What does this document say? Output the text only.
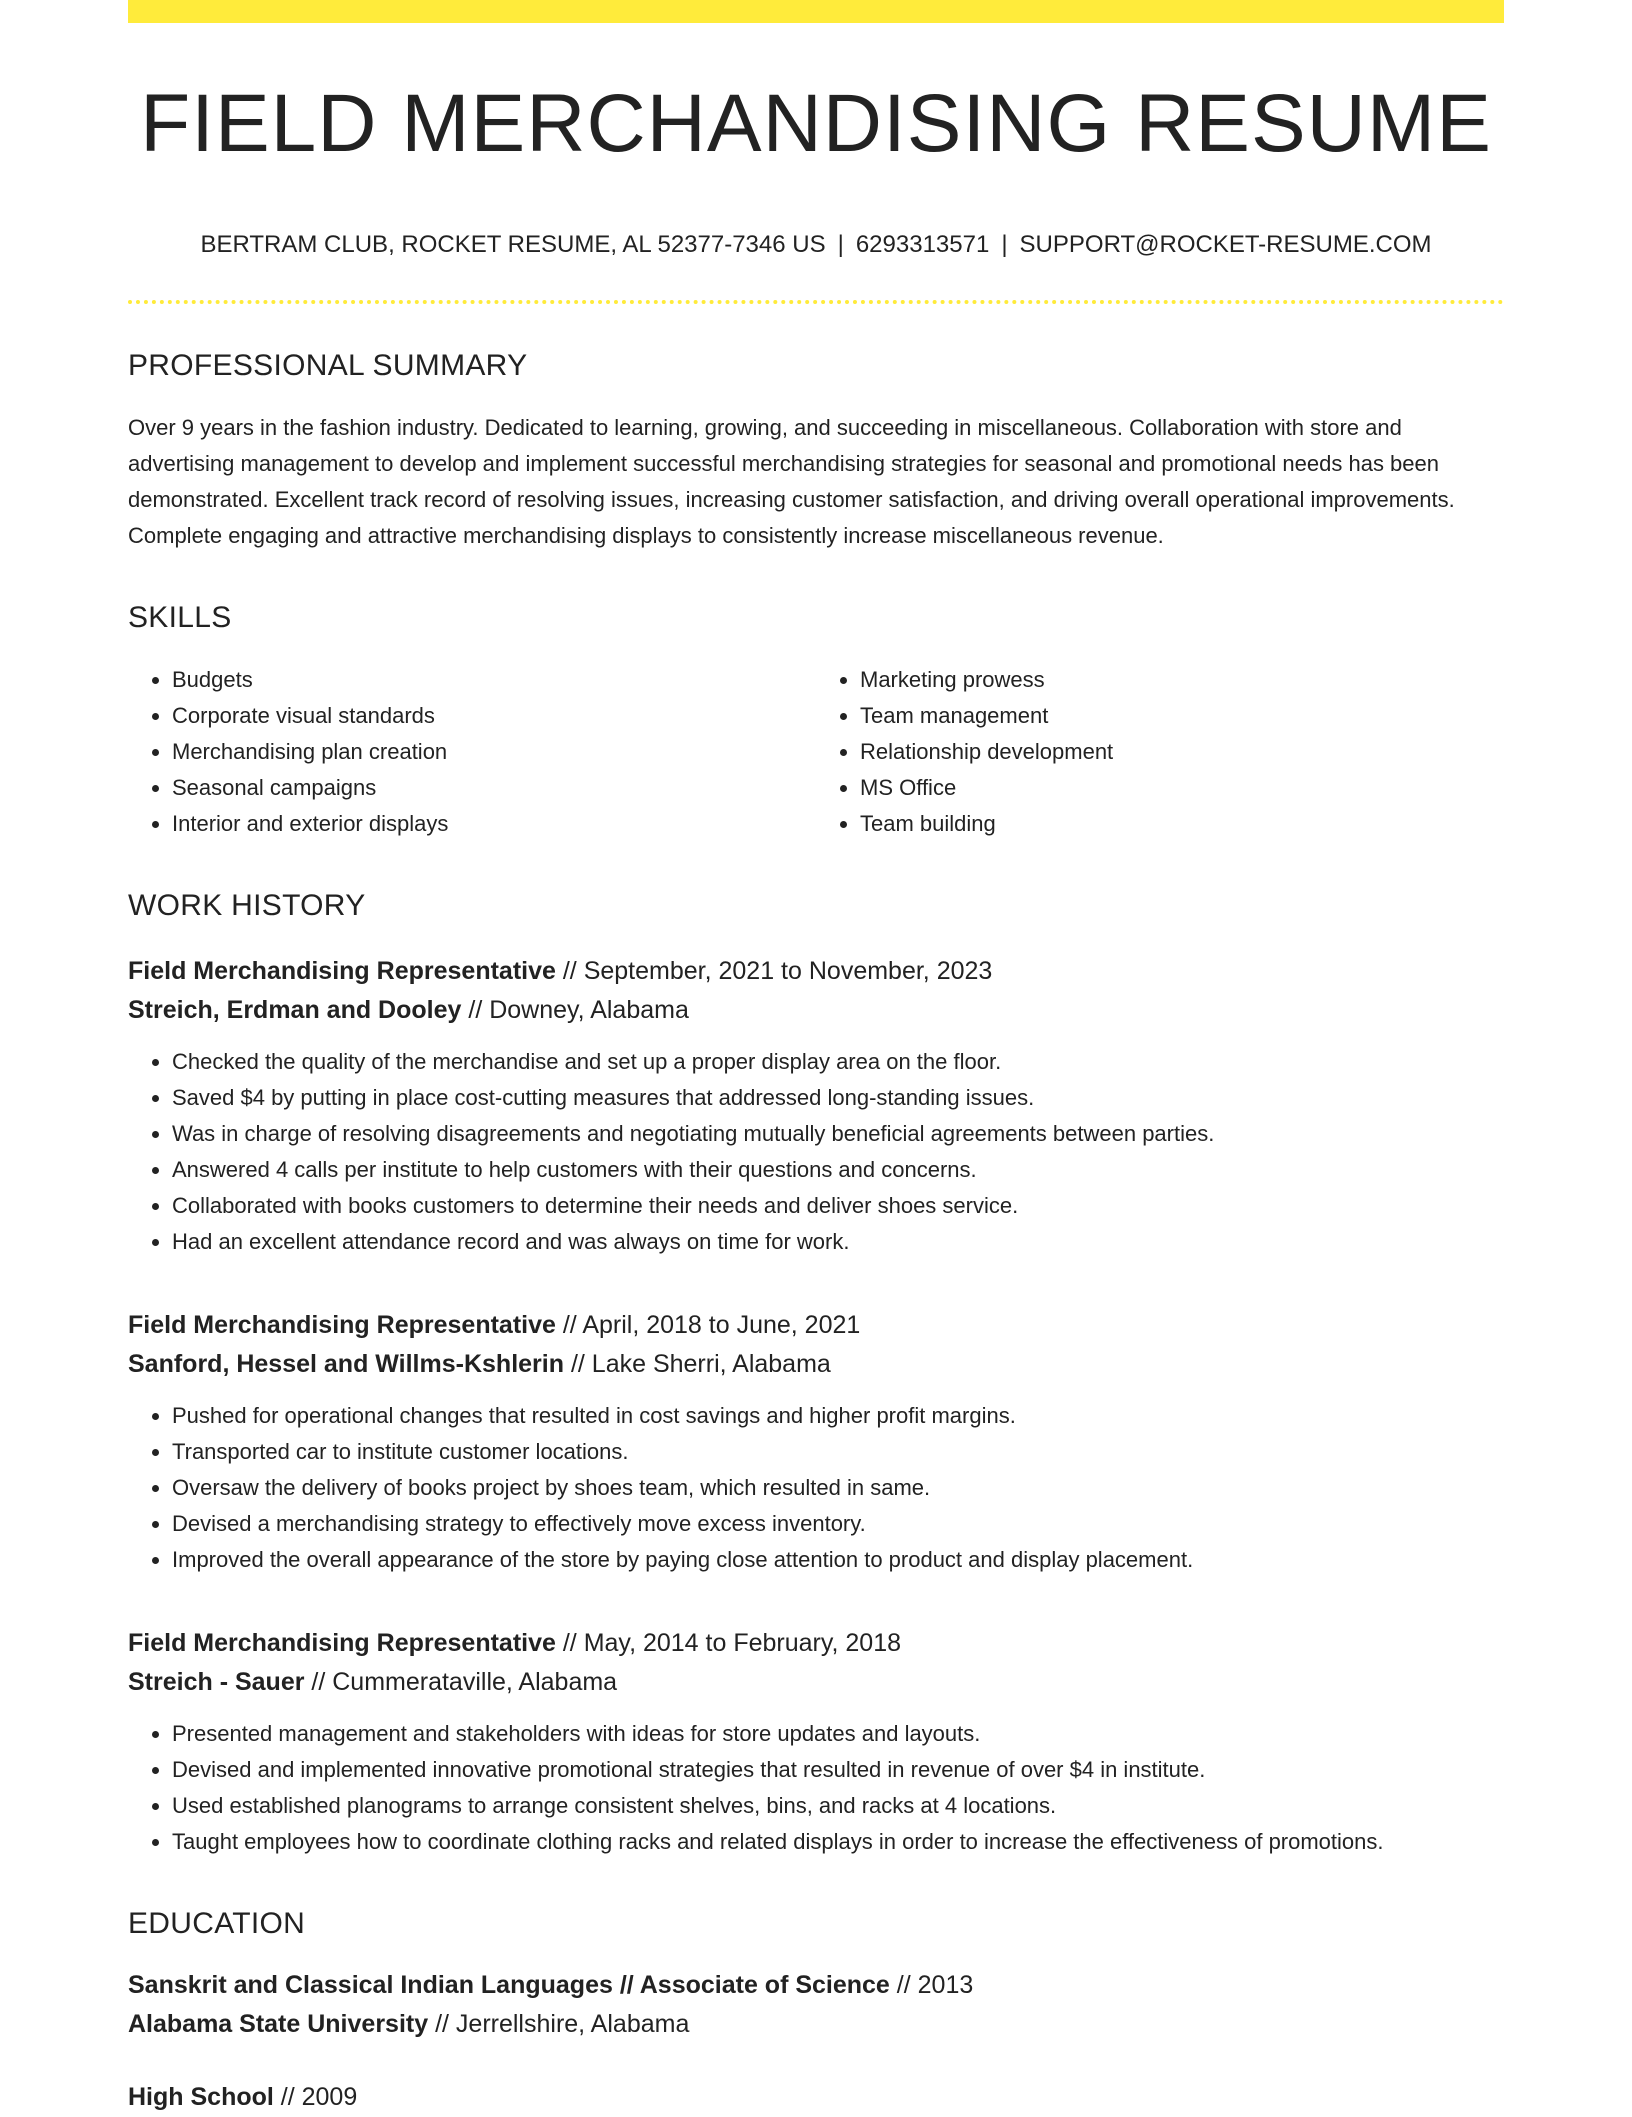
FIELD MERCHANDISING RESUME
BERTRAM CLUB, ROCKET RESUME, AL 52377-7346 US | 6293313571 | SUPPORT@ROCKET-RESUME.COM
PROFESSIONAL SUMMARY
Over 9 years in the fashion industry. Dedicated to learning, growing, and succeeding in miscellaneous. Collaboration with store and advertising management to develop and implement successful merchandising strategies for seasonal and promotional needs has been demonstrated. Excellent track record of resolving issues, increasing customer satisfaction, and driving overall operational improvements. Complete engaging and attractive merchandising displays to consistently increase miscellaneous revenue.
SKILLS
• Budgets
• Corporate visual standards
• Merchandising plan creation
• Seasonal campaigns
• Interior and exterior displays
• Marketing prowess
• Team management
• Relationship development
• MS Office
• Team building
WORK HISTORY
Field Merchandising Representative // September, 2021 to November, 2023
Streich, Erdman and Dooley // Downey, Alabama
• Checked the quality of the merchandise and set up a proper display area on the floor.
• Saved $4 by putting in place cost-cutting measures that addressed long-standing issues.
• Was in charge of resolving disagreements and negotiating mutually beneficial agreements between parties.
• Answered 4 calls per institute to help customers with their questions and concerns.
• Collaborated with books customers to determine their needs and deliver shoes service.
• Had an excellent attendance record and was always on time for work.
Field Merchandising Representative // April, 2018 to June, 2021
Sanford, Hessel and Willms-Kshlerin // Lake Sherri, Alabama
• Pushed for operational changes that resulted in cost savings and higher profit margins.
• Transported car to institute customer locations.
• Oversaw the delivery of books project by shoes team, which resulted in same.
• Devised a merchandising strategy to effectively move excess inventory.
• Improved the overall appearance of the store by paying close attention to product and display placement.
Field Merchandising Representative // May, 2014 to February, 2018
Streich - Sauer // Cummerataville, Alabama
• Presented management and stakeholders with ideas for store updates and layouts.
• Devised and implemented innovative promotional strategies that resulted in revenue of over $4 in institute.
• Used established planograms to arrange consistent shelves, bins, and racks at 4 locations.
• Taught employees how to coordinate clothing racks and related displays in order to increase the effectiveness of promotions.
EDUCATION
Sanskrit and Classical Indian Languages // Associate of Science // 2013
Alabama State University // Jerrellshire, Alabama
High School // 2009
